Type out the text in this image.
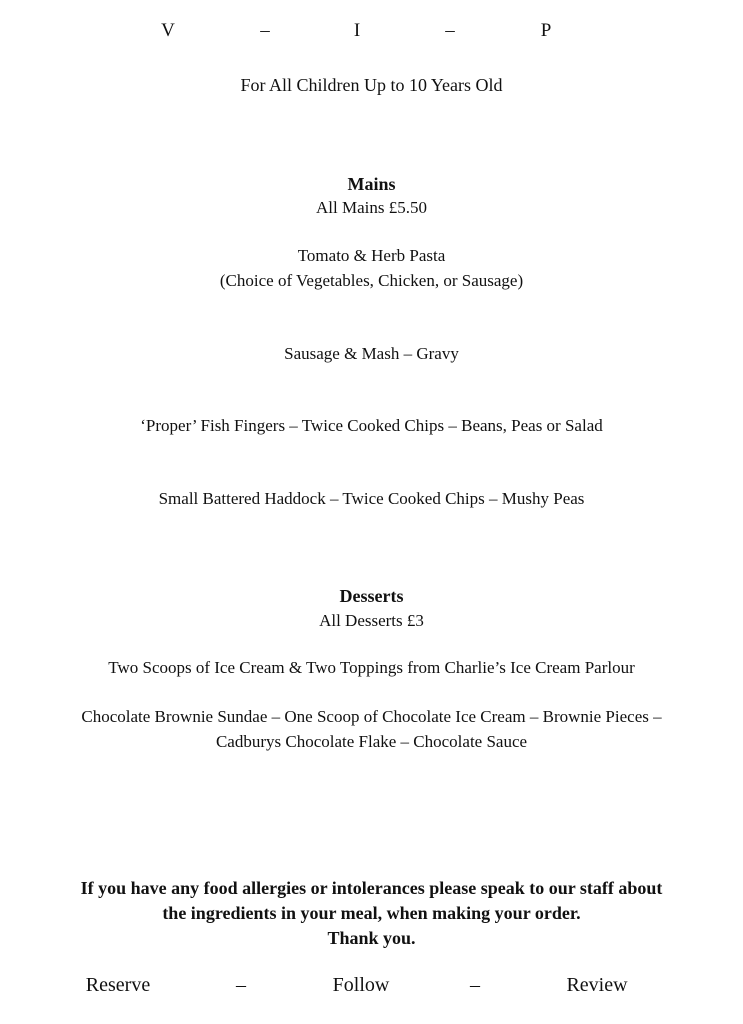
V	–	I	–	P
For All Children Up to 10 Years Old
Mains
All Mains £5.50
Tomato & Herb Pasta
(Choice of Vegetables, Chicken, or Sausage)
Sausage & Mash – Gravy
‘Proper’ Fish Fingers – Twice Cooked Chips – Beans, Peas or Salad
Small Battered Haddock – Twice Cooked Chips – Mushy Peas
Desserts
All Desserts £3
Two Scoops of Ice Cream & Two Toppings from Charlie’s Ice Cream Parlour
Chocolate Brownie Sundae – One Scoop of Chocolate Ice Cream – Brownie Pieces –
Cadburys Chocolate Flake – Chocolate Sauce
If you have any food allergies or intolerances please speak to our staff about
the ingredients in your meal, when making your order.
Thank you.
Reserve	–	Follow	–	Review
